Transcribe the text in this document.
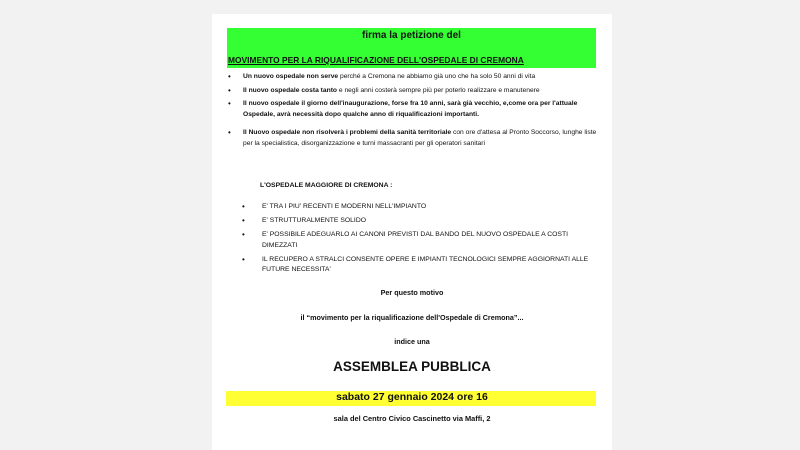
firma la petizione del
MOVIMENTO PER LA RIQUALIFICAZIONE DELL'OSPEDALE DI CREMONA
• Un nuovo ospedale non serve perché a Cremona ne abbiamo già uno che ha solo 50 anni di vita
• Il nuovo ospedale costa tanto e negli anni costerà sempre più per poterlo realizzare e manutenere
• Il nuovo ospedale il giorno dell'inaugurazione, forse fra 10 anni, sarà già vecchio, e,come ora per l'attuale Ospedale, avrà necessità dopo qualche anno di riqualificazioni importanti.
• Il Nuovo ospedale non risolverà i problemi della sanità territoriale con ore d'attesa al Pronto Soccorso, lunghe liste per la specialistica, disorganizzazione e turni massacranti per gli operatori sanitari
L'OSPEDALE MAGGIORE DI CREMONA :
• E' TRA I PIU' RECENTI E MODERNI NELL'IMPIANTO
• E' STRUTTURALMENTE SOLIDO
• E' POSSIBILE ADEGUARLO AI CANONI PREVISTI DAL BANDO DEL NUOVO OSPEDALE A COSTI DIMEZZATI
• IL RECUPERO A STRALCI CONSENTE OPERE E IMPIANTI TECNOLOGICI SEMPRE AGGIORNATI ALLE FUTURE NECESSITA'
Per questo motivo
il “movimento per la riqualificazione dell'Ospedale di Cremona”...
indice una
ASSEMBLEA PUBBLICA
sabato 27 gennaio 2024 ore 16
sala del Centro Civico Cascinetto via Maffi, 2
